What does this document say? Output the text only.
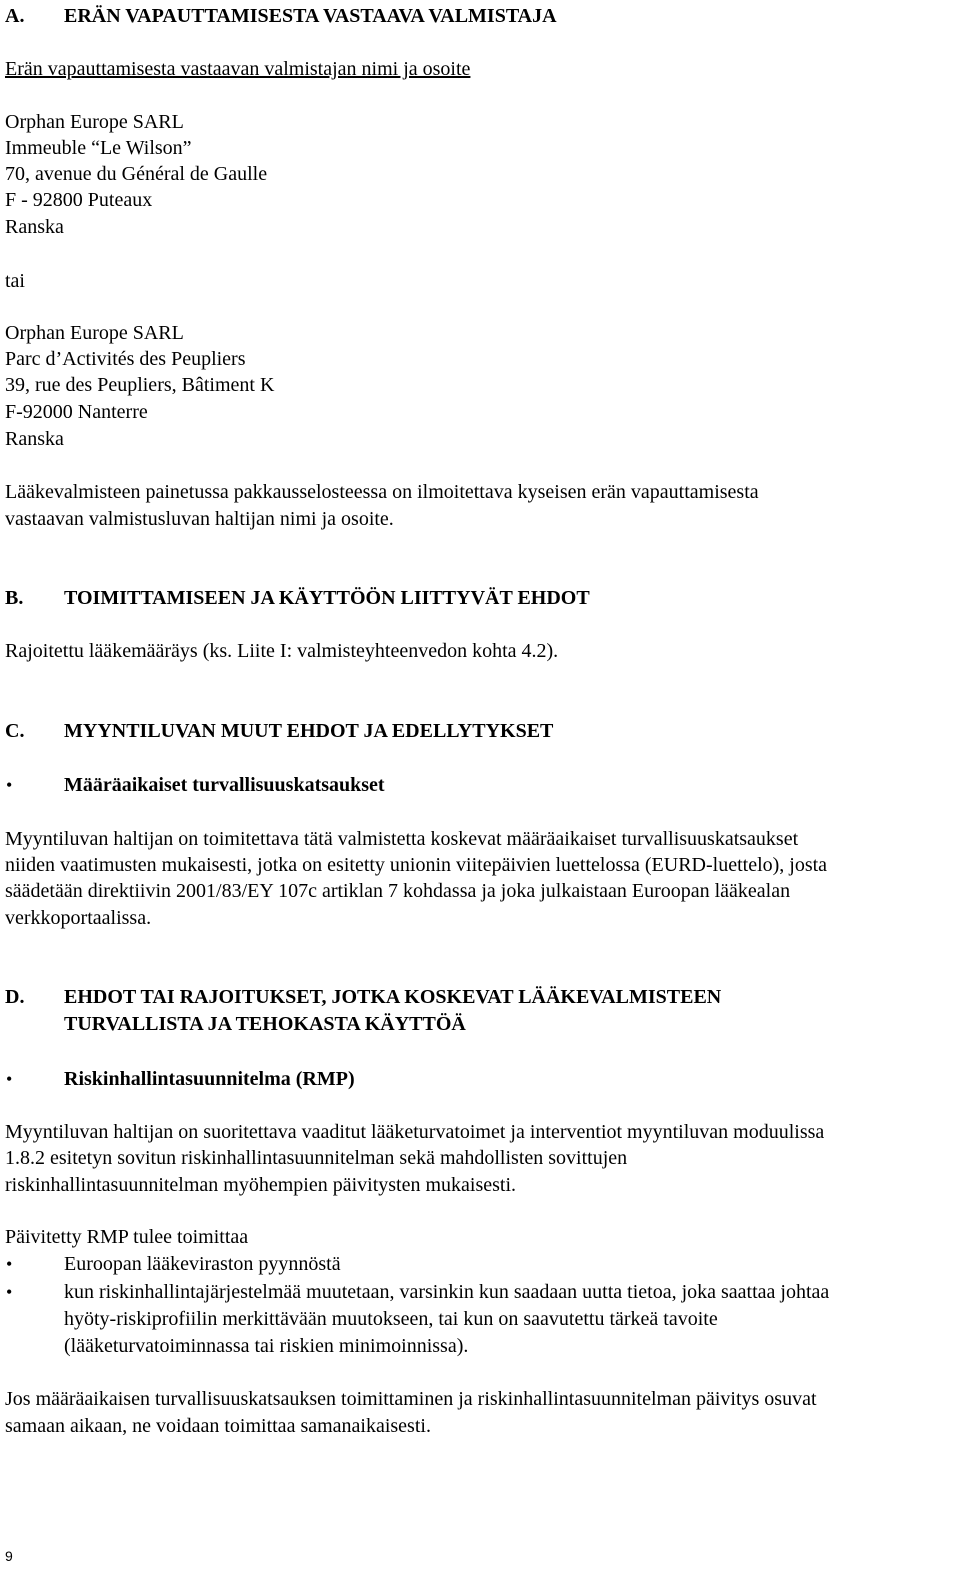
A. ERÄN VAPAUTTAMISESTA VASTAAVA VALMISTAJA
Erän vapauttamisesta vastaavan valmistajan nimi ja osoite
Orphan Europe SARL
Immeuble “Le Wilson”
70, avenue du Général de Gaulle
F - 92800 Puteaux
Ranska
tai
Orphan Europe SARL
Parc d’Activités des Peupliers
39, rue des Peupliers, Bâtiment K
F-92000 Nanterre
Ranska
Lääkevalmisteen painetussa pakkausselosteessa on ilmoitettava kyseisen erän vapauttamisesta
vastaavan valmistusluvan haltijan nimi ja osoite.
B. TOIMITTAMISEEN JA KÄYTTÖÖN LIITTYVÄT EHDOT
Rajoitettu lääkemääräys (ks. Liite I: valmisteyhteenvedon kohta 4.2).
C. MYYNTILUVAN MUUT EHDOT JA EDELLYTYKSET
•	Määräaikaiset turvallisuuskatsaukset
Myyntiluvan haltijan on toimitettava tätä valmistetta koskevat määräaikaiset turvallisuuskatsaukset
niiden vaatimusten mukaisesti, jotka on esitetty unionin viitepäivien luettelossa (EURD-luettelo), josta
säädetään direktiivin 2001/83/EY 107c artiklan 7 kohdassa ja joka julkaistaan Euroopan lääkealan
verkkoportaalissa.
D. EHDOT TAI RAJOITUKSET, JOTKA KOSKEVAT LÄÄKEVALMISTEEN
TURVALLISTA JA TEHOKASTA KÄYTTÖÄ
•	Riskinhallintasuunnitelma (RMP)
Myyntiluvan haltijan on suoritettava vaaditut lääketurvatoimet ja interventiot myyntiluvan moduulissa
1.8.2 esitetyn sovitun riskinhallintasuunnitelman sekä mahdollisten sovittujen
riskinhallintasuunnitelman myöhempien päivitysten mukaisesti.
Päivitetty RMP tulee toimittaa
•	Euroopan lääkeviraston pyynnöstä
•	kun riskinhallintajärjestelmää muutetaan, varsinkin kun saadaan uutta tietoa, joka saattaa johtaa
hyöty-riskiprofiilin merkittävään muutokseen, tai kun on saavutettu tärkeä tavoite
(lääketurvatoiminnassa tai riskien minimoinnissa).
Jos määräaikaisen turvallisuuskatsauksen toimittaminen ja riskinhallintasuunnitelman päivitys osuvat
samaan aikaan, ne voidaan toimittaa samanaikaisesti.
9
